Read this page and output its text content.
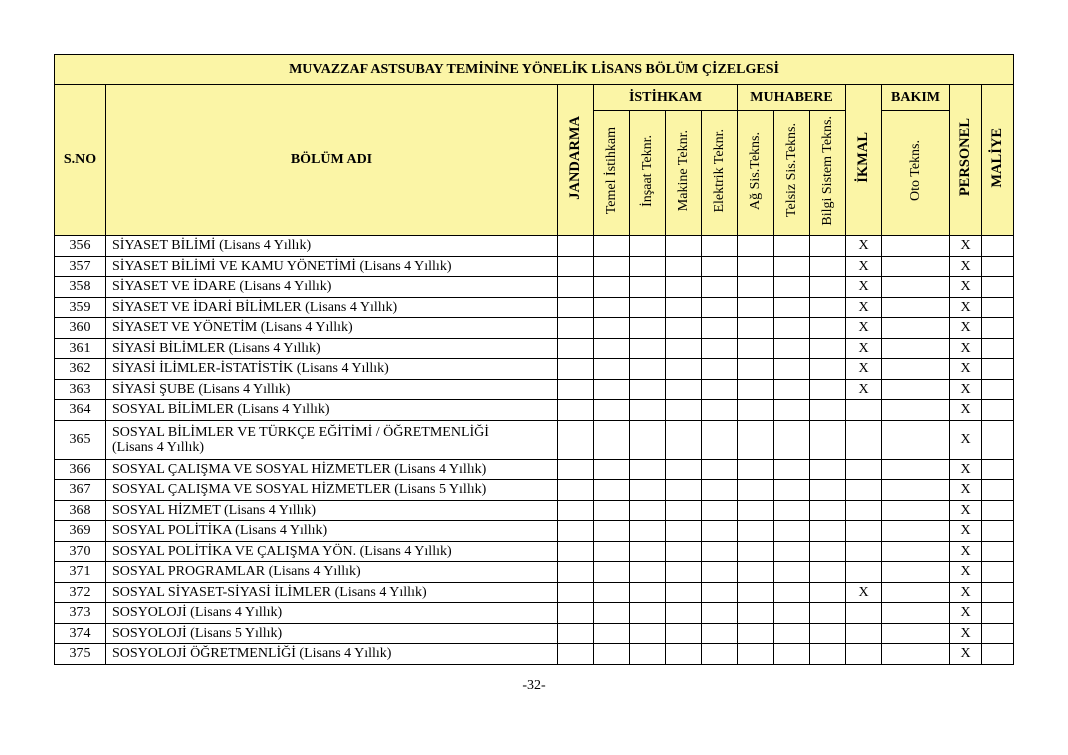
MUVAZZAF ASTSUBAY TEMİNİNE YÖNELİK LİSANS BÖLÜM ÇİZELGESİ													
S.NO	BÖLÜM ADI	JANDARMA	İSTİHKAM				MUHABERE			İKMAL	BAKIM	PERSONEL	MALİYE
			Temel İstihkam	İnşaat Teknr.	Makine Teknr.	Elektrik Teknr.	Ağ Sis.Tekns.	Telsiz Sis.Tekns.	Bilgi Sistem Tekns.		Oto Tekns.		
356	SİYASET BİLİMİ (Lisans 4 Yıllık)									X		X	
357	SİYASET BİLİMİ VE KAMU YÖNETİMİ (Lisans 4 Yıllık)									X		X	
358	SİYASET VE İDARE (Lisans 4 Yıllık)									X		X	
359	SİYASET VE İDARİ BİLİMLER (Lisans 4 Yıllık)									X		X	
360	SİYASET VE YÖNETİM (Lisans 4 Yıllık)									X		X	
361	SİYASİ BİLİMLER (Lisans 4 Yıllık)									X		X	
362	SİYASİ İLİMLER-İSTATİSTİK (Lisans 4 Yıllık)									X		X	
363	SİYASİ ŞUBE (Lisans 4 Yıllık)									X		X	
364	SOSYAL BİLİMLER (Lisans 4 Yıllık)											X	
365	SOSYAL BİLİMLER VE TÜRKÇE EĞİTİMİ / ÖĞRETMENLİĞİ
(Lisans 4 Yıllık)											X	
366	SOSYAL ÇALIŞMA VE SOSYAL HİZMETLER (Lisans 4 Yıllık)											X	
367	SOSYAL ÇALIŞMA VE SOSYAL HİZMETLER (Lisans 5 Yıllık)											X	
368	SOSYAL HİZMET (Lisans 4 Yıllık)											X	
369	SOSYAL POLİTİKA (Lisans 4 Yıllık)											X	
370	SOSYAL POLİTİKA VE ÇALIŞMA YÖN. (Lisans 4 Yıllık)											X	
371	SOSYAL PROGRAMLAR (Lisans 4 Yıllık)											X	
372	SOSYAL SİYASET-SİYASİ İLİMLER (Lisans 4 Yıllık)									X		X	
373	SOSYOLOJİ (Lisans 4 Yıllık)											X	
374	SOSYOLOJİ (Lisans 5 Yıllık)											X	
375	SOSYOLOJİ ÖĞRETMENLİĞİ (Lisans 4 Yıllık)											X	
-32-
